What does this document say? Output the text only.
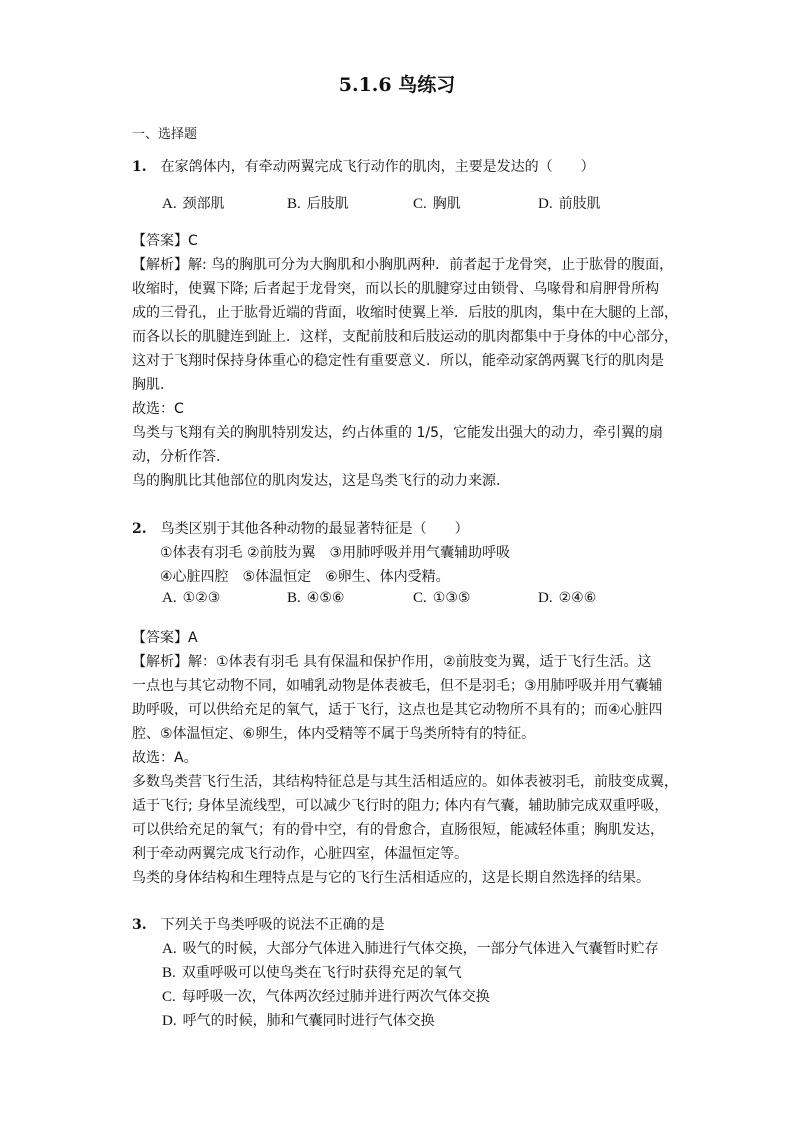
5.1.6 鸟练习
一、选择题
1. 在家鸽体内，有牵动两翼完成飞行动作的肌肉，主要是发达的（　　）
A. 颈部肌	B. 后肢肌	C. 胸肌	D. 前肢肌
【答案】C
【解析】解: 鸟的胸肌可分为大胸肌和小胸肌两种．前者起于龙骨突，止于肱骨的腹面，
收缩时，使翼下降; 后者起于龙骨突，而以长的肌腱穿过由锁骨、乌喙骨和肩胛骨所构
成的三骨孔，止于肱骨近端的背面，收缩时使翼上举．后肢的肌肉，集中在大腿的上部，
而各以长的肌腱连到趾上．这样，支配前肢和后肢运动的肌肉都集中于身体的中心部分，
这对于飞翔时保持身体重心的稳定性有重要意义．所以，能牵动家鸽两翼飞行的肌肉是
胸肌．
故选：C
鸟类与飞翔有关的胸肌特别发达，约占体重的 1/5，它能发出强大的动力，牵引翼的扇
动，分析作答．
鸟的胸肌比其他部位的肌肉发达，这是鸟类飞行的动力来源．
2. 鸟类区别于其他各种动物的最显著特征是（　　）
①体表有羽毛 ②前肢为翼　③用肺呼吸并用气囊辅助呼吸
④心脏四腔　⑤体温恒定　⑥卵生、体内受精。
A. ①②③	B. ④⑤⑥	C. ①③⑤	D. ②④⑥
【答案】A
【解析】解：①体表有羽毛 具有保温和保护作用，②前肢变为翼，适于飞行生活。这
一点也与其它动物不同，如哺乳动物是体表被毛，但不是羽毛；③用肺呼吸并用气囊辅
助呼吸，可以供给充足的氧气，适于飞行，这点也是其它动物所不具有的；而④心脏四
腔、⑤体温恒定、⑥卵生，体内受精等不属于鸟类所特有的特征。
故选：A。
多数鸟类营飞行生活，其结构特征总是与其生活相适应的。如体表被羽毛，前肢变成翼，
适于飞行; 身体呈流线型，可以减少飞行时的阻力; 体内有气囊，辅助肺完成双重呼吸，
可以供给充足的氧气；有的骨中空，有的骨愈合，直肠很短，能减轻体重；胸肌发达，
利于牵动两翼完成飞行动作，心脏四室，体温恒定等。
鸟类的身体结构和生理特点是与它的飞行生活相适应的，这是长期自然选择的结果。
3. 下列关于鸟类呼吸的说法不正确的是
A. 吸气的时候，大部分气体进入肺进行气体交换，一部分气体进入气囊暂时贮存
B. 双重呼吸可以使鸟类在飞行时获得充足的氧气
C. 每呼吸一次，气体两次经过肺并进行两次气体交换
D. 呼气的时候，肺和气囊同时进行气体交换
